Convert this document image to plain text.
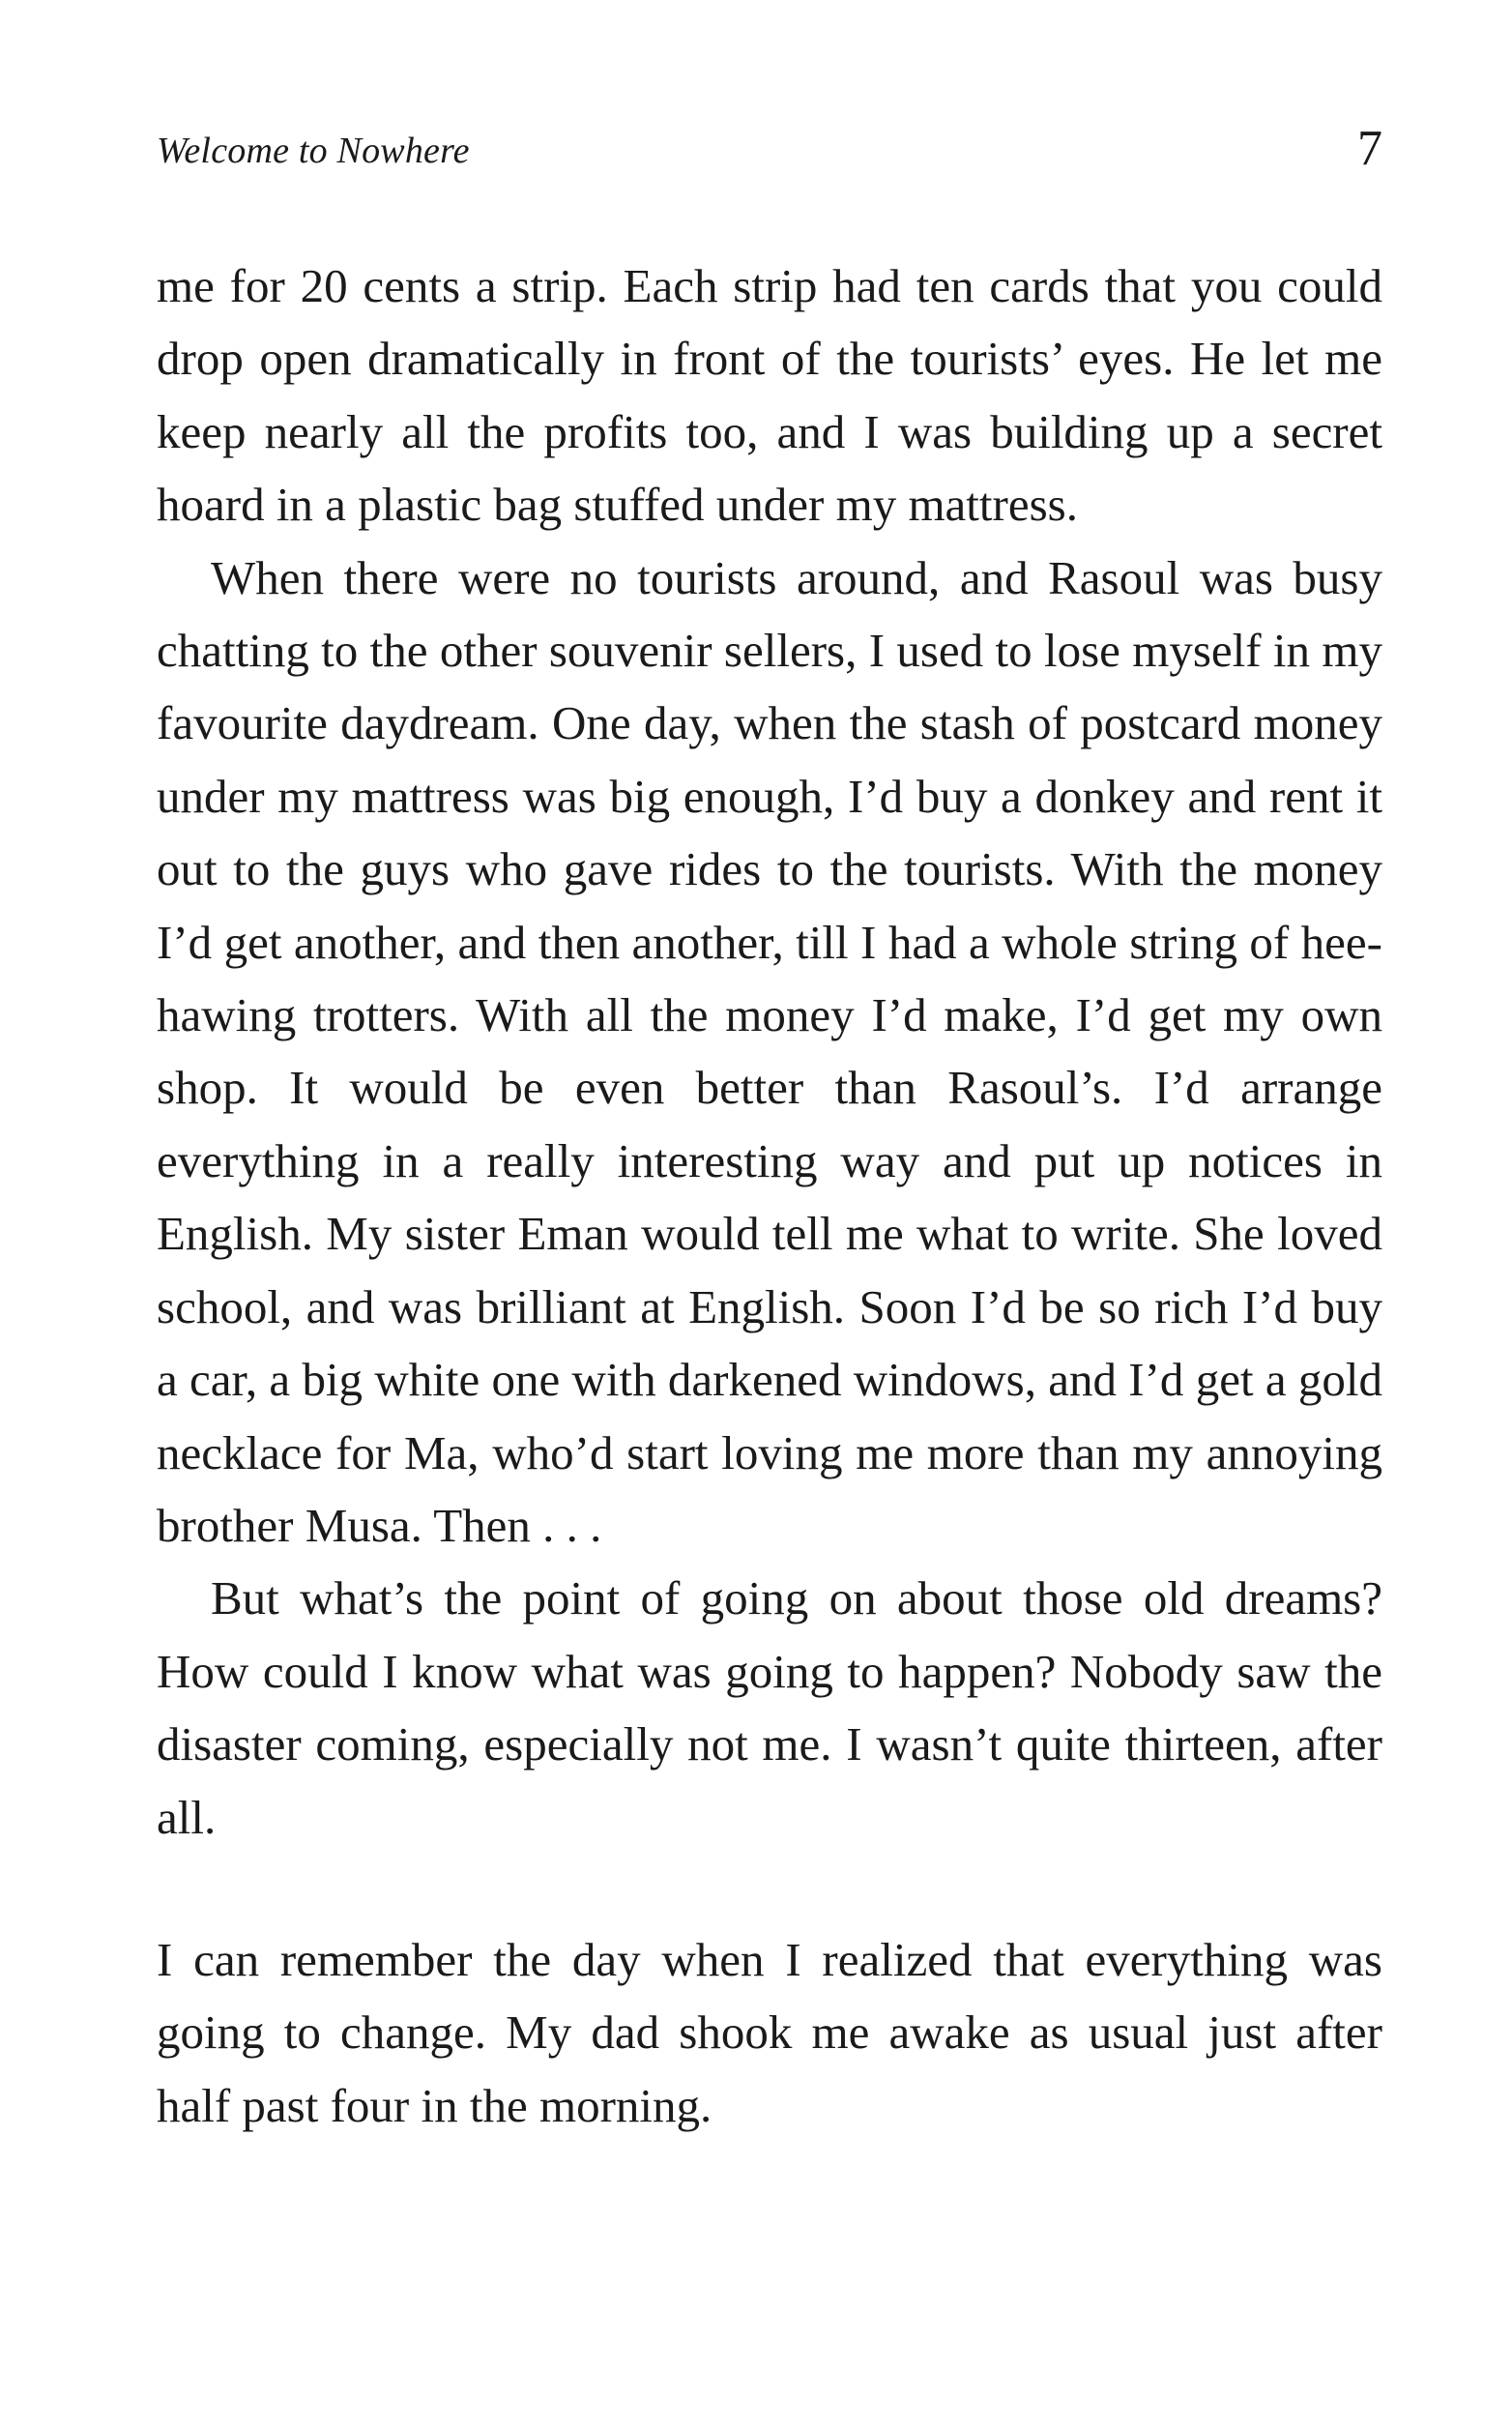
Welcome to Nowhere	7

me for 20 cents a strip. Each strip had ten cards that you could drop open dramatically in front of the tourists’ eyes. He let me keep nearly all the profits too, and I was building up a secret hoard in a plastic bag stuffed under my mattress.

When there were no tourists around, and Rasoul was busy chatting to the other souvenir sellers, I used to lose myself in my favourite daydream. One day, when the stash of postcard money under my mattress was big enough, I’d buy a donkey and rent it out to the guys who gave rides to the tourists. With the money I’d get another, and then another, till I had a whole string of hee-hawing trotters. With all the money I’d make, I’d get my own shop. It would be even better than Rasoul’s. I’d arrange everything in a really interesting way and put up notices in English. My sister Eman would tell me what to write. She loved school, and was brilliant at English. Soon I’d be so rich I’d buy a car, a big white one with darkened windows, and I’d get a gold necklace for Ma, who’d start loving me more than my annoying brother Musa. Then . . .

But what’s the point of going on about those old dreams? How could I know what was going to happen? Nobody saw the disaster coming, especially not me. I wasn’t quite thirteen, after all.

I can remember the day when I realized that everything was going to change. My dad shook me awake as usual just after half past four in the morning.
